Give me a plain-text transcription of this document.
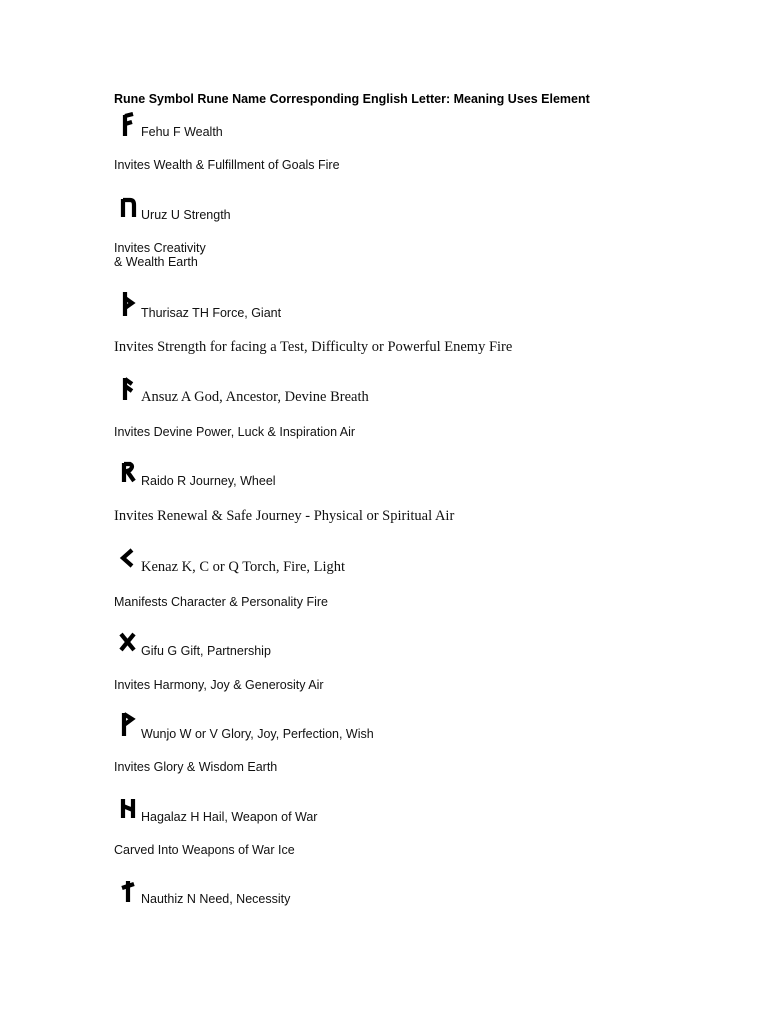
Rune Symbol Rune Name Corresponding English Letter: Meaning Uses Element
Fehu F Wealth

Invites Wealth & Fulfillment of Goals Fire

Uruz U Strength

Invites Creativity

& Wealth Earth

Thurisaz TH Force, Giant

Invites Strength for facing a Test, Difficulty or Powerful Enemy Fire

Ansuz A God, Ancestor, Devine Breath

Invites Devine Power, Luck & Inspiration Air

Raido R Journey, Wheel

Invites Renewal & Safe Journey - Physical or Spiritual Air

Kenaz K, C or Q Torch, Fire, Light

Manifests Character & Personality Fire

Gifu G Gift, Partnership

Invites Harmony, Joy & Generosity Air

Wunjo W or V Glory, Joy, Perfection, Wish

Invites Glory & Wisdom Earth

Hagalaz H Hail, Weapon of War

Carved Into Weapons of War Ice

Nauthiz N Need, Necessity
